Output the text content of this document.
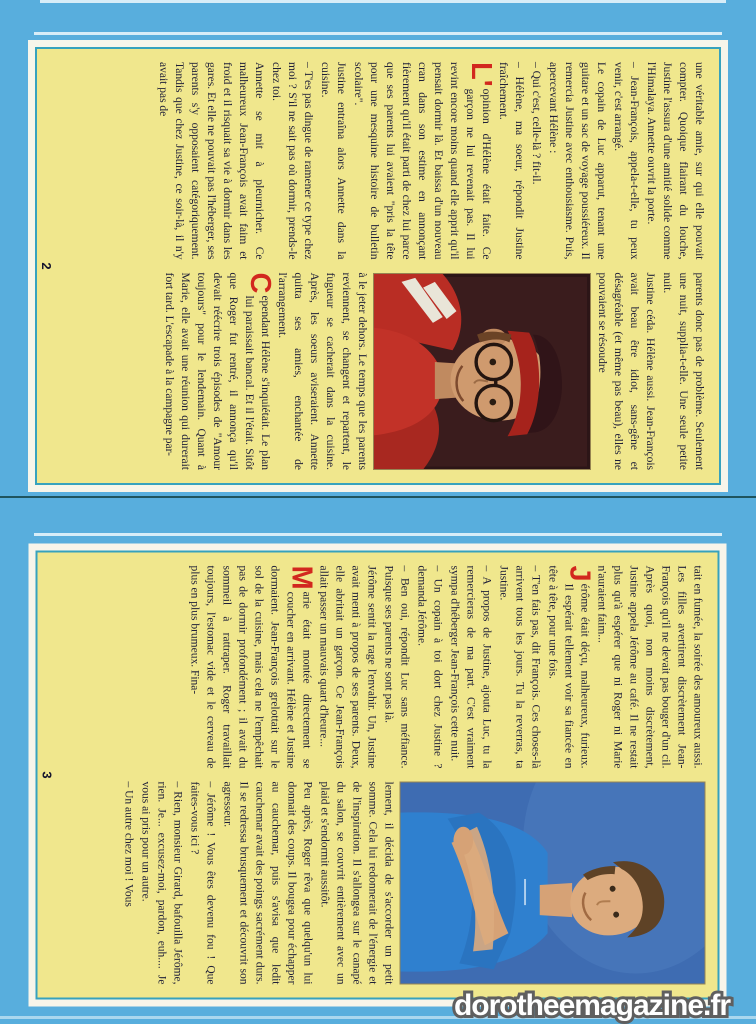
une véritable amie, sur qui elle pouvait compter. Quoique flairant du louche, Justine l'assura d'une amitié solide comme l'Himalaya. Annette ouvrit la porte.

– Jean-François, appela-t-elle, tu peux venir, c'est arrangé.

Le copain de Luc apparut, tenant une guitare et un sac de voyage poussiéreux. Il remercia Justine avec enthousiasme. Puis, apercevant Hélène :

– Qui c'est, celle-là ? fit-il.

– Hélène, ma soeur, répondit Justine fraîchement.

L'
opinion d'Hélène était faite. Ce garçon ne lui revenait pas. Il lui revint encore moins quand elle apprit qu'il pensait dormir là. Et baissa d'un nouveau cran dans son estime en annonçant fièrement qu'il était parti de chez lui parce que ses parents lui avaient "pris la tête pour une mesquine histoire de bulletin scolaire".

Justine entraîna alors Annette dans la cuisine.

– T'es pas dingue de ramener ce type chez moi ? S'il ne sait pas où dormir, prends-le chez toi.

Annette se mit à pleurnicher. Ce malheureux Jean-François avait faim et froid et il risquait sa vie à dormir dans les gares. Et elle ne pouvait pas l'héberger, ses parents s'y opposaient catégoriquement. Tandis que chez Justine, ce soir-là, il n'y avait pas de

parents donc pas de problème. Seulement une nuit, supplia-t-elle. Une seule petite nuit.

Justine céda. Hélène aussi. Jean-François avait beau être idiot, sans-gêne et désagréable (et même pas beau), elles ne pouvaient se résoudre

à le jeter dehors. Le temps que les parents reviennent, se changent et repartent, le fugueur se cacherait dans la cuisine. Après, les soeurs aviseraient. Annette quitta ses amies, enchantée de l'arrangement.

C
ependant Hélène s'inquiétait. Le plan lui paraissait bancal. Et il l'était. Sitôt que Roger fut rentré, il annonça qu'il devait réécrire trois épisodes de "Amour toujours" pour le lendemain. Quant à Marie, elle avait une réunion qui durerait fort tard. L'escapade à la campagne par-

2

tait en fumée, la soirée des amoureux aussi. Les filles avertirent discrètement Jean-François qu'il ne devait pas bouger d'un cil. Après quoi, non moins discrètement, Justine appela Jérôme au café. Il ne restait plus qu'à espérer que ni Roger ni Marie n'auraient faim...

J
érôme était déçu, malheureux, furieux. Il espérait tellement voir sa fiancée en tête à tête, pour une fois.

– T'en fais pas, dit François. Ces choses-là arrivent tous les jours. Tu la reverras, ta Justine.

– A propos de Justine, ajouta Luc, tu la remercieras de ma part. C'est vraiment sympa d'héberger Jean-François cette nuit.

– Un copain à toi dort chez Justine ? demanda Jérôme.

– Ben oui, répondit Luc sans méfiance. Puisque ses parents ne sont pas là.

Jérôme sentit la rage l'envahir. Un, Justine avait menti à propos de ses parents. Deux, elle abritait un garçon. Ce Jean-François allait passer un mauvais quart d'heure...

M
arie était montée directement se coucher en arrivant. Hélène et Justine dormaient. Jean-François grelottait sur le sol de la cuisine, mais cela ne l'empêchait pas de dormir profondément ; il avait du sommeil à rattraper. Roger travaillait toujours, l'estomac vide et le cerveau de plus en plus brumeux. Fina-

lement, il décida de s'accorder un petit somme. Cela lui redonnerait de l'énergie et de l'inspiration. Il s'allongea sur le canapé du salon, se couvrit entièrement avec un plaid et s'endormit aussitôt.

Peu après, Roger rêva que quelqu'un lui donnait des coups. Il bougea pour échapper au cauchemar, puis s'avisa que ledit cauchemar avait des poings sacrément durs. Il se redressa brusquement et découvrit son agresseur.

– Jérôme ! Vous êtes devenu fou ! Que faites-vous ici ?

– Rien, monsieur Girard, bafouilla Jérôme, rien. Je... excusez-moi, pardon, euh.... Je vous ai pris pour un autre.

– Un autre chez moi ! Vous

3
dorotheemagazine.fr
